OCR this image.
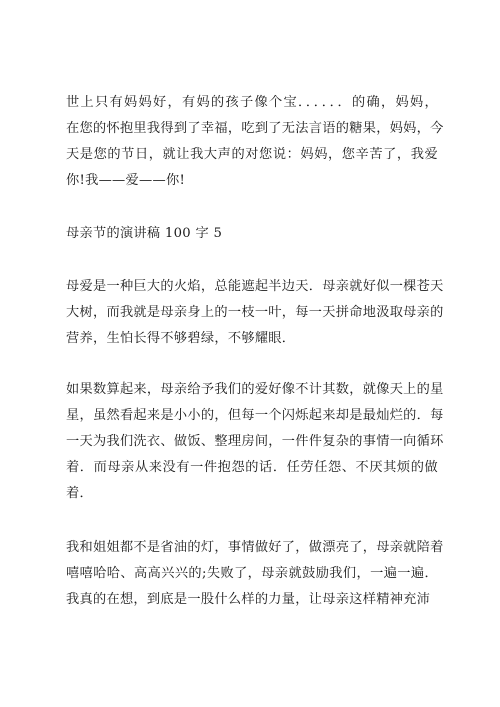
世上只有妈妈好，有妈的孩子像个宝．．．．．．的确，妈妈，
在您的怀抱里我得到了幸福，吃到了无法言语的糖果，妈妈，今
天是您的节日，就让我大声的对您说：妈妈，您辛苦了，我爱
你!我——爱——你!
母亲节的演讲稿 100 字 5
母爱是一种巨大的火焰，总能遮起半边天．母亲就好似一棵苍天
大树，而我就是母亲身上的一枝一叶，每一天拼命地汲取母亲的
营养，生怕长得不够碧绿，不够耀眼．
如果数算起来，母亲给予我们的爱好像不计其数，就像天上的星
星，虽然看起来是小小的，但每一个闪烁起来却是最灿烂的．每
一天为我们洗衣、做饭、整理房间，一件件复杂的事情一向循环
着．而母亲从来没有一件抱怨的话．任劳任怨、不厌其烦的做
着．
我和姐姐都不是省油的灯，事情做好了，做漂亮了，母亲就陪着
嘻嘻哈哈、高高兴兴的;失败了，母亲就鼓励我们，一遍一遍．
我真的在想，到底是一股什么样的力量，让母亲这样精神充沛
